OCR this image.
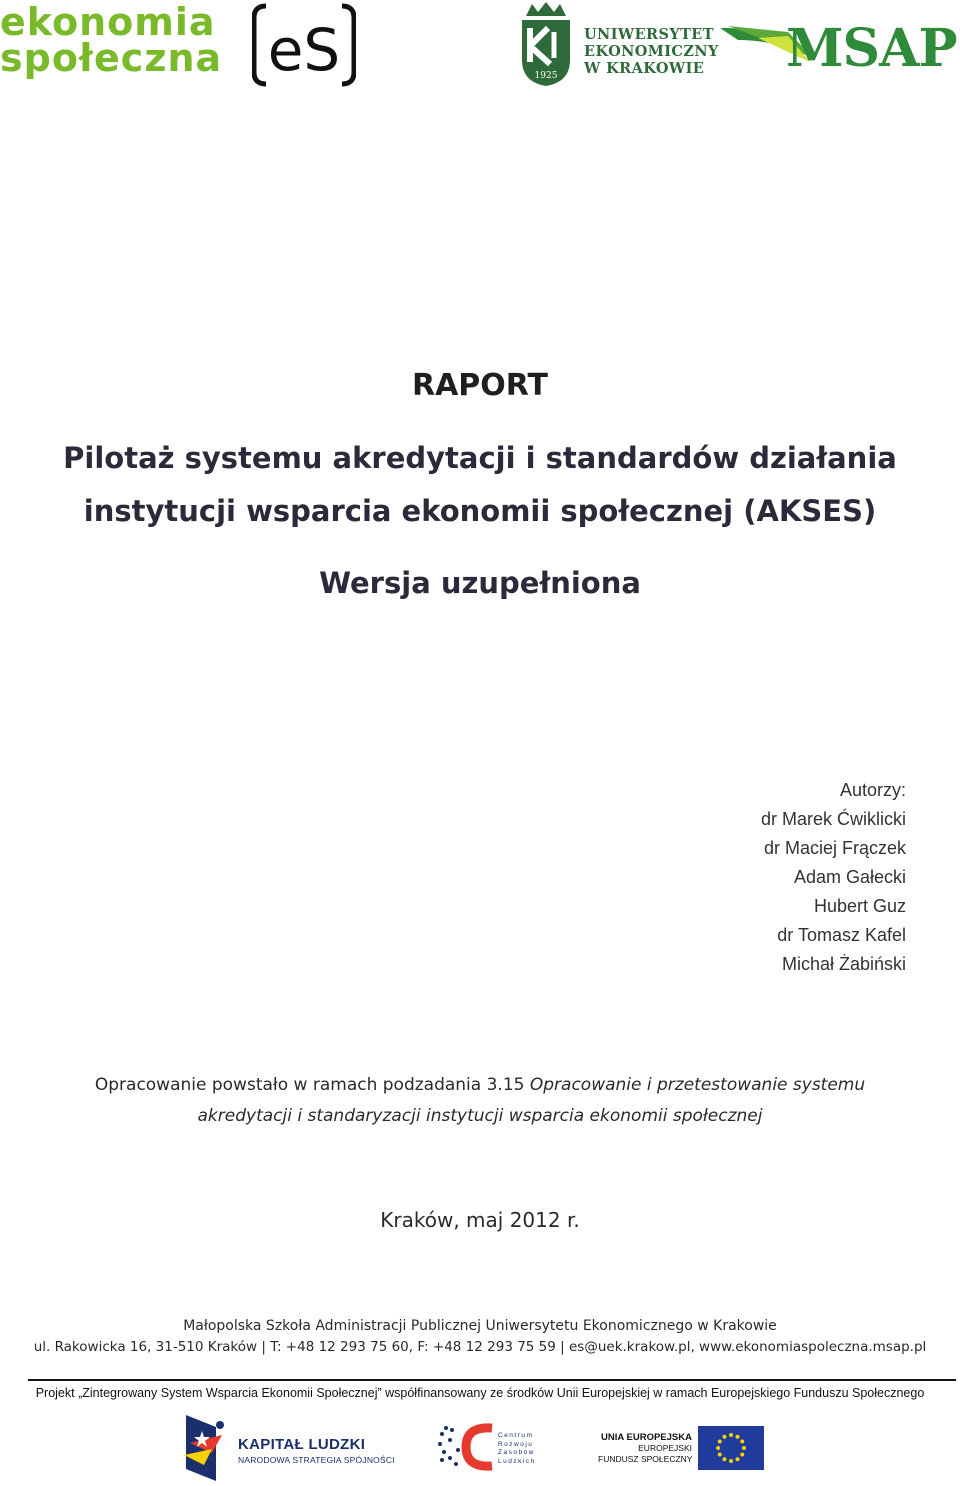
ekonomia
społeczna eS	1925
UNIWERSYTET
EKONOMICZNY
W KRAKOWIE MSAP
RAPORT
Pilotaż systemu akredytacji i standardów działania
instytucji wsparcia ekonomii społecznej (AKSES)
Wersja uzupełniona
Autorzy:
dr Marek Ćwiklicki
dr Maciej Frączek
Adam Gałecki
Hubert Guz
dr Tomasz Kafel
Michał Żabiński
Opracowanie powstało w ramach podzadania 3.15 Opracowanie i przetestowanie systemu
akredytacji i standaryzacji instytucji wsparcia ekonomii społecznej
Kraków, maj 2012 r.
Małopolska Szkoła Administracji Publicznej Uniwersytetu Ekonomicznego w Krakowie
ul. Rakowicka 16, 31-510 Kraków | T: +48 12 293 75 60, F: +48 12 293 75 59 | es@uek.krakow.pl, www.ekonomiaspoleczna.msap.pl
Projekt „Zintegrowany System Wsparcia Ekonomii Społecznej” współfinansowany ze środków Unii Europejskiej w ramach Europejskiego Funduszu Społecznego
KAPITAŁ LUDZKI
NARODOWA STRATEGIA SPÓJNOŚCI
Centrum
Rozwoju
Zasobów
Ludzkich
UNIA EUROPEJSKA
EUROPEJSKI
FUNDUSZ SPOŁECZNY
